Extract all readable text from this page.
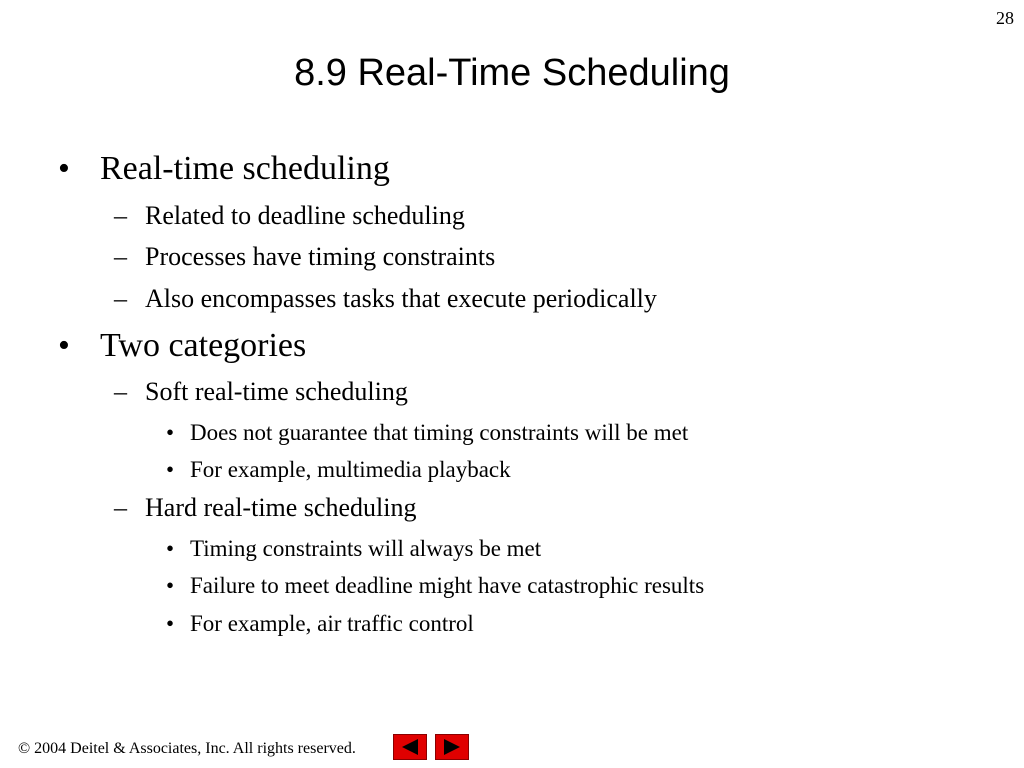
28
8.9 Real-Time Scheduling
• Real-time scheduling
– Related to deadline scheduling
– Processes have timing constraints
– Also encompasses tasks that execute periodically
• Two categories
– Soft real-time scheduling
• Does not guarantee that timing constraints will be met
• For example, multimedia playback
– Hard real-time scheduling
• Timing constraints will always be met
• Failure to meet deadline might have catastrophic results
• For example, air traffic control
© 2004 Deitel & Associates, Inc. All rights reserved.
